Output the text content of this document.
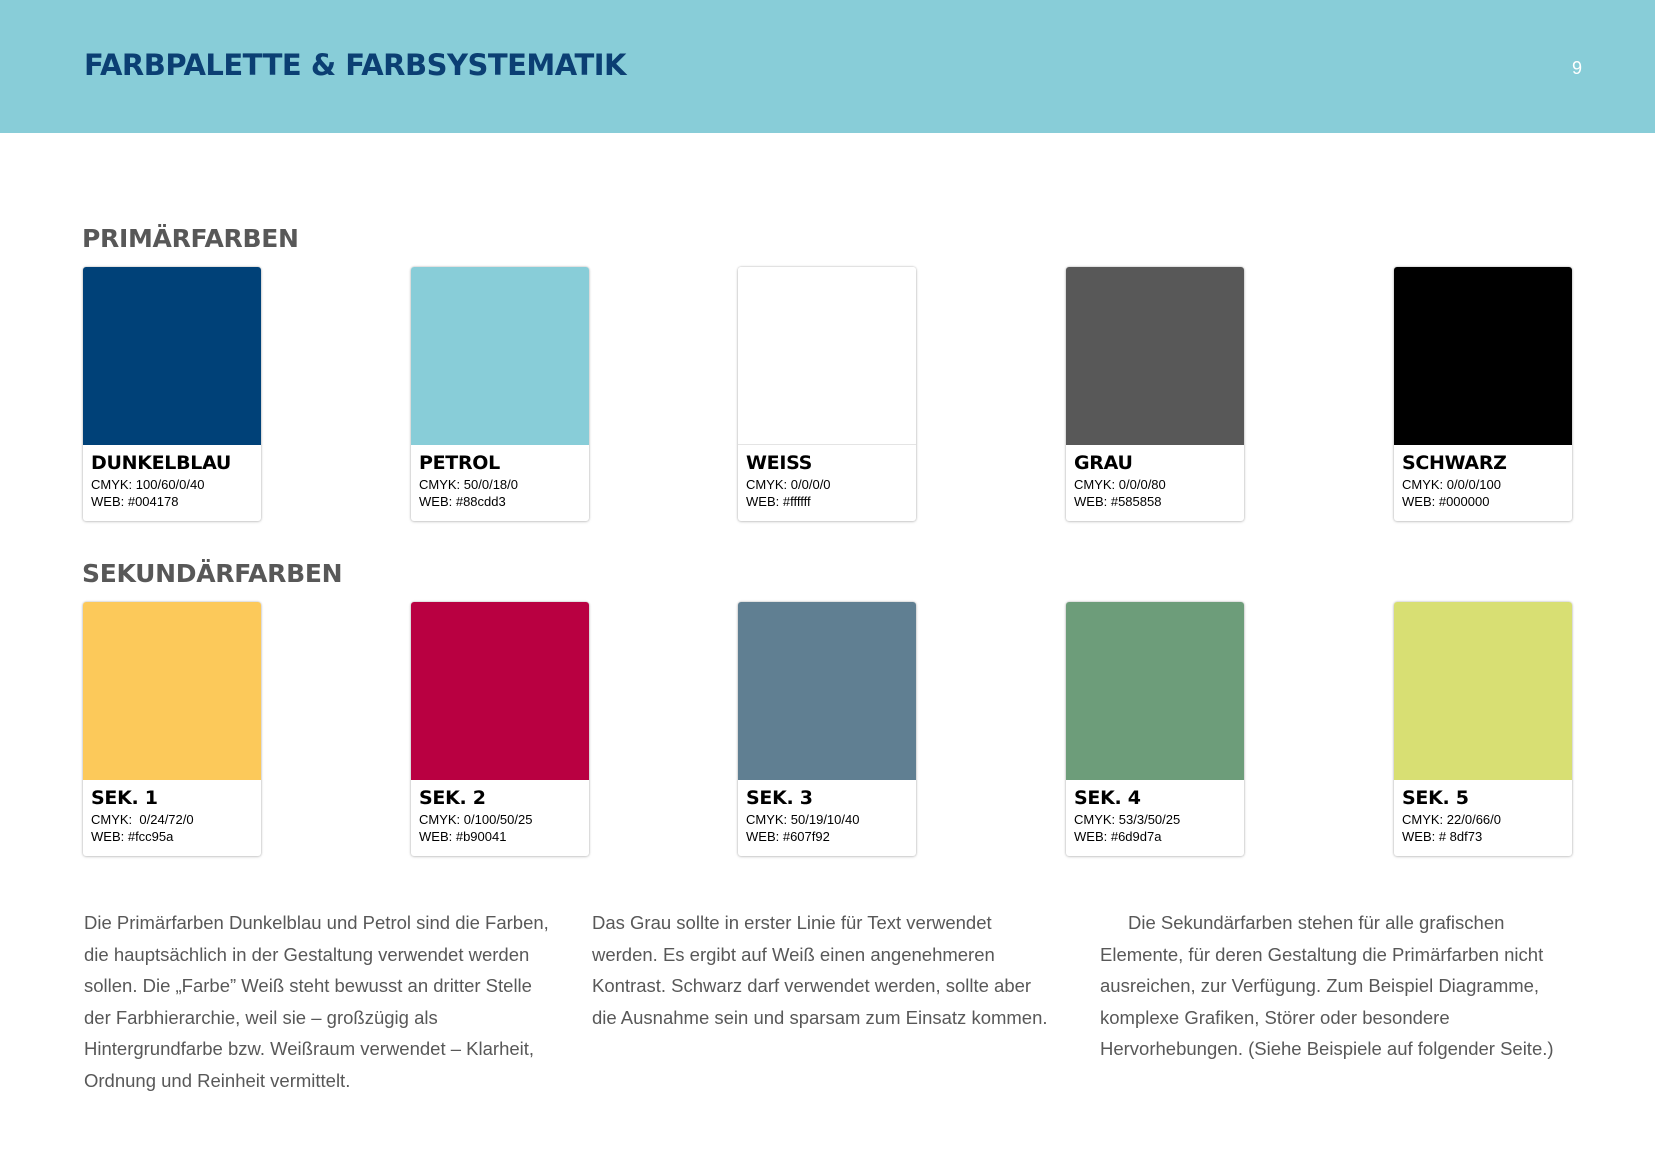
FARBPALETTE & FARBSYSTEMATIK	9
PRIMÄRFARBEN
DUNKELBLAU
CMYK: 100/60/0/40
WEB: #004178
PETROL
CMYK: 50/0/18/0
WEB: #88cdd3
WEISS
CMYK: 0/0/0/0
WEB: #ffffff
GRAU
CMYK: 0/0/0/80
WEB: #585858
SCHWARZ
CMYK: 0/0/0/100
WEB: #000000
SEKUNDÄRFARBEN
SEK. 1
CMYK:  0/24/72/0
WEB: #fcc95a
SEK. 2
CMYK: 0/100/50/25
WEB: #b90041
SEK. 3
CMYK: 50/19/10/40
WEB: #607f92
SEK. 4
CMYK: 53/3/50/25
WEB: #6d9d7a
SEK. 5
CMYK: 22/0/66/0
WEB: # 8df73
Die Primärfarben Dunkelblau und Petrol sind die Farben, die hauptsächlich in der Gestaltung verwendet werden sollen. Die „Farbe” Weiß steht bewusst an dritter Stelle der Farbhierarchie, weil sie – großzügig als Hintergrundfarbe bzw. Weißraum verwendet – Klarheit, Ordnung und Reinheit vermittelt.
Das Grau sollte in erster Linie für Text verwendet werden. Es ergibt auf Weiß einen angenehmeren Kontrast. Schwarz darf verwendet werden, sollte aber die Ausnahme sein und sparsam zum Einsatz kommen.
Die Sekundärfarben stehen für alle grafischen Elemente, für deren Gestaltung die Primärfarben nicht ausreichen, zur Verfügung. Zum Beispiel Diagramme, komplexe Grafiken, Störer oder besondere Hervorhebungen. (Siehe Beispiele auf folgender Seite.)
